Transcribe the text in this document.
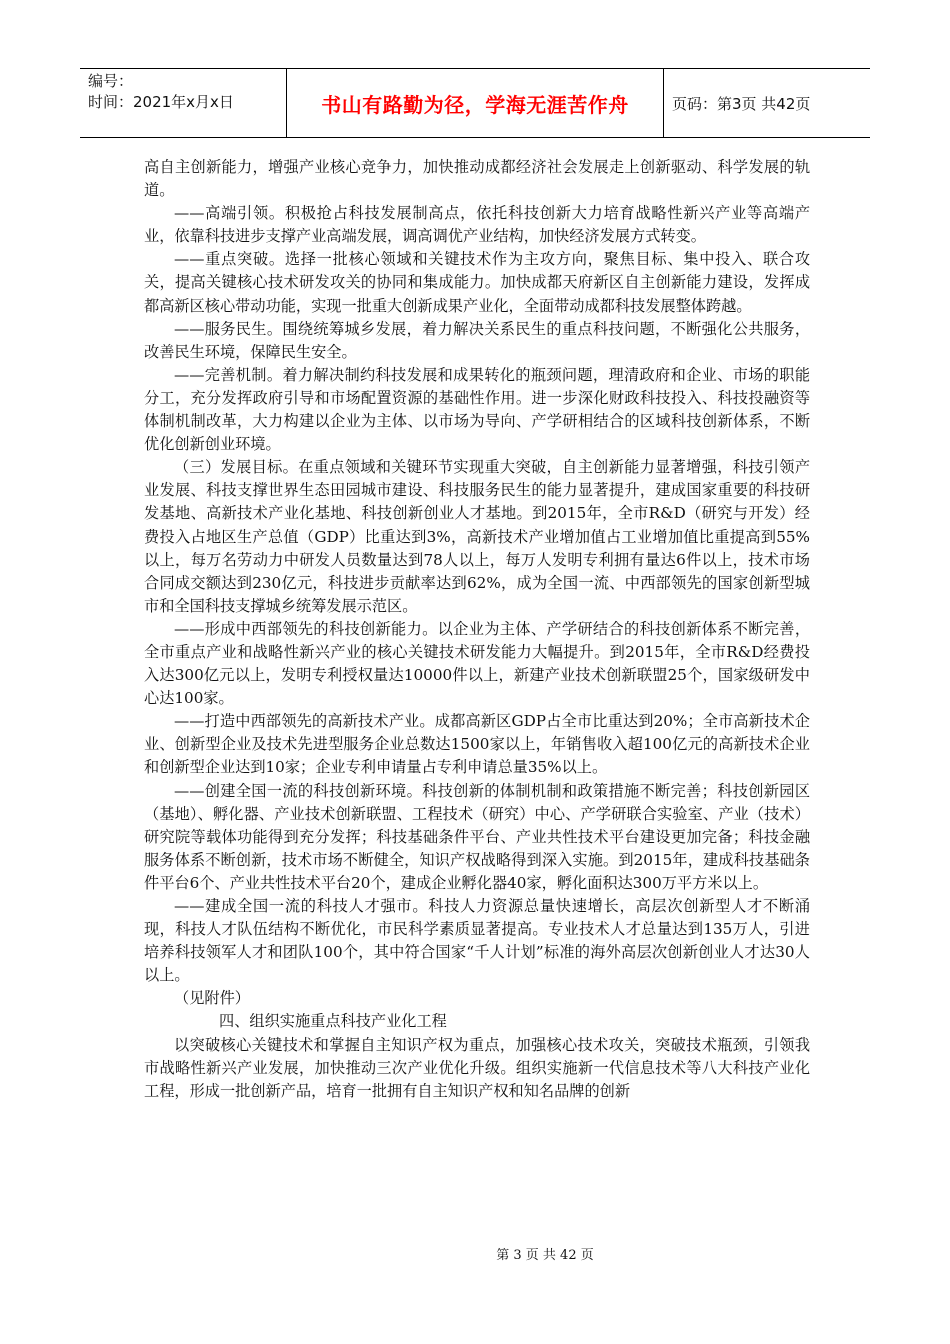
编号：
时间：2021年x月x日	书山有路勤为径，学海无涯苦作舟	页码：第3页 共42页

高自主创新能力，增强产业核心竞争力，加快推动成都经济社会发展走上创新驱动、科学发展的轨道。

——高端引领。积极抢占科技发展制高点，依托科技创新大力培育战略性新兴产业等高端产业，依靠科技进步支撑产业高端发展，调高调优产业结构，加快经济发展方式转变。

——重点突破。选择一批核心领域和关键技术作为主攻方向，聚焦目标、集中投入、联合攻关，提高关键核心技术研发攻关的协同和集成能力。加快成都天府新区自主创新能力建设，发挥成都高新区核心带动功能，实现一批重大创新成果产业化，全面带动成都科技发展整体跨越。

——服务民生。围绕统筹城乡发展，着力解决关系民生的重点科技问题，不断强化公共服务，改善民生环境，保障民生安全。

——完善机制。着力解决制约科技发展和成果转化的瓶颈问题，理清政府和企业、市场的职能分工，充分发挥政府引导和市场配置资源的基础性作用。进一步深化财政科技投入、科技投融资等体制机制改革，大力构建以企业为主体、以市场为导向、产学研相结合的区域科技创新体系，不断优化创新创业环境。

（三）发展目标。在重点领域和关键环节实现重大突破，自主创新能力显著增强，科技引领产业发展、科技支撑世界生态田园城市建设、科技服务民生的能力显著提升，建成国家重要的科技研发基地、高新技术产业化基地、科技创新创业人才基地。到2015年，全市R&D（研究与开发）经费投入占地区生产总值（GDP）比重达到3%，高新技术产业增加值占工业增加值比重提高到55%以上，每万名劳动力中研发人员数量达到78人以上，每万人发明专利拥有量达6件以上，技术市场合同成交额达到230亿元，科技进步贡献率达到62%，成为全国一流、中西部领先的国家创新型城市和全国科技支撑城乡统筹发展示范区。

——形成中西部领先的科技创新能力。以企业为主体、产学研结合的科技创新体系不断完善，全市重点产业和战略性新兴产业的核心关键技术研发能力大幅提升。到2015年，全市R&D经费投入达300亿元以上，发明专利授权量达10000件以上，新建产业技术创新联盟25个，国家级研发中心达100家。

——打造中西部领先的高新技术产业。成都高新区GDP占全市比重达到20%；全市高新技术企业、创新型企业及技术先进型服务企业总数达1500家以上，年销售收入超100亿元的高新技术企业和创新型企业达到10家；企业专利申请量占专利申请总量35%以上。

——创建全国一流的科技创新环境。科技创新的体制机制和政策措施不断完善；科技创新园区（基地）、孵化器、产业技术创新联盟、工程技术（研究）中心、产学研联合实验室、产业（技术）研究院等载体功能得到充分发挥；科技基础条件平台、产业共性技术平台建设更加完备；科技金融服务体系不断创新，技术市场不断健全，知识产权战略得到深入实施。到2015年，建成科技基础条件平台6个、产业共性技术平台20个，建成企业孵化器40家，孵化面积达300万平方米以上。

——建成全国一流的科技人才强市。科技人力资源总量快速增长，高层次创新型人才不断涌现，科技人才队伍结构不断优化，市民科学素质显著提高。专业技术人才总量达到135万人，引进培养科技领军人才和团队100个，其中符合国家“千人计划”标准的海外高层次创新创业人才达30人以上。

（见附件）

四、组织实施重点科技产业化工程

以突破核心关键技术和掌握自主知识产权为重点，加强核心技术攻关，突破技术瓶颈，引领我市战略性新兴产业发展，加快推动三次产业优化升级。组织实施新一代信息技术等八大科技产业化工程，形成一批创新产品，培育一批拥有自主知识产权和知名品牌的创新

第 3 页 共 42 页
